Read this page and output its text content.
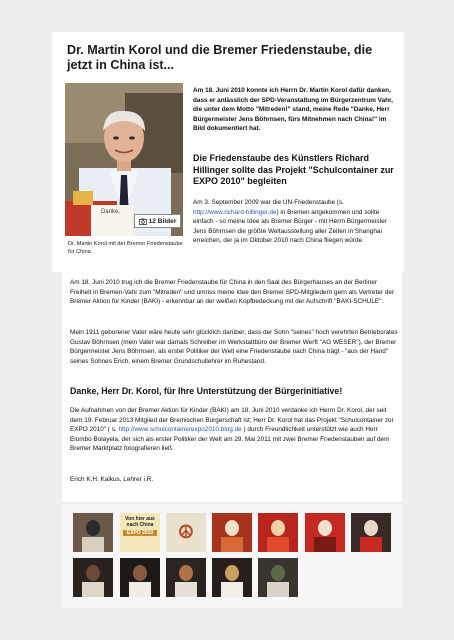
Dr. Martin Korol und die Bremer Friedenstaube, die jetzt in China ist...
Danke,
12 Bilder
Dr. Martin Korol mit der Bremer Friedenstaube für China
Am 18. Juni 2010 konnte ich Herrn Dr. Martin Korol dafür danken, dass er anlässlich der SPD-Veranstaltung im Bürgerzentrum Vahr, die unter dem Motto "Mitreden!" stand, meine Rede "Danke, Herr Bürgermeister Jens Böhrnsen, fürs Mitnehmen nach China!" im Bild dokumentiert hat.
Die Friedenstaube des Künstlers Richard Hillinger sollte das Projekt "Schulcontainer zur EXPO 2010" begleiten
Am 3. September 2009 war die UN-Friedenstaube (s. http://www.richard-hillinger.de) in Bremen angekommen und sollte einfach - so meine Idee als Bremer Bürger - mit Herrn Bürgermeister Jens Böhrnsen die größte Weltausstellung aller Zeiten in Shanghai erreichen, der ja im Oktober 2010 nach China fliegen würde.
Am 18. Juni 2010 trug ich die Bremer Friedenstaube für China in den Saal des Bürgerhauses an der Berliner Freiheit in Bremen-Vahr zum "Mitreden" und umriss meine Idee den Bremer SPD-Mitgliedern gern als Vertreter der Bremer Aktion für Kinder (BAKI) - erkennbar an der weißen Kopfbedeckung mit der Aufschrift "BAKI-SCHULE":
Mein 1911 geborener Vater wäre heute sehr glücklich darüber, dass der Sohn "seines" hoch verehrten Betriebsrates Gustav Böhrnsen (mein Vater war damals Schreiber im Werkstattbüro der Bremer Werft "AG WESER"), der Bremer Bürgermeister Jens Böhrnsen, als erster Politiker der Welt eine Friedenstaube nach China trägt - "aus der Hand" seines Sohnes Erich, einem Bremer Grundschullehrer im Ruhestand.
Danke, Herr Dr. Korol, für Ihre Unterstützung der Bürgerinitiative!
Die Aufnahmen von der Bremer Aktion für Kinder (BAKI) am 18. Juni 2010 verdanke ich Herrn Dr. Korol, der seit dem 19. Februar 2013 Mitglied der Bremischen Bürgerschaft ist; Herr Dr. Korol hat das Projekt "Schulcontainer zur EXPO 2010" ( s. http://www.schulcontainerexpo2010.blog.de ) durch Freundlichkeit unterstützt wie auch Herr Elombo Bolayela, der sich als erster Politiker der Welt am 29. Mai 2011 mit zwei Bremer Friedenstauben auf dem Bremer Marktplatz fotografieren ließ.
Erich K.H. Kalkus, Lehrer i.R.
Von hier aus
nach China
EXPO 2010	☮
